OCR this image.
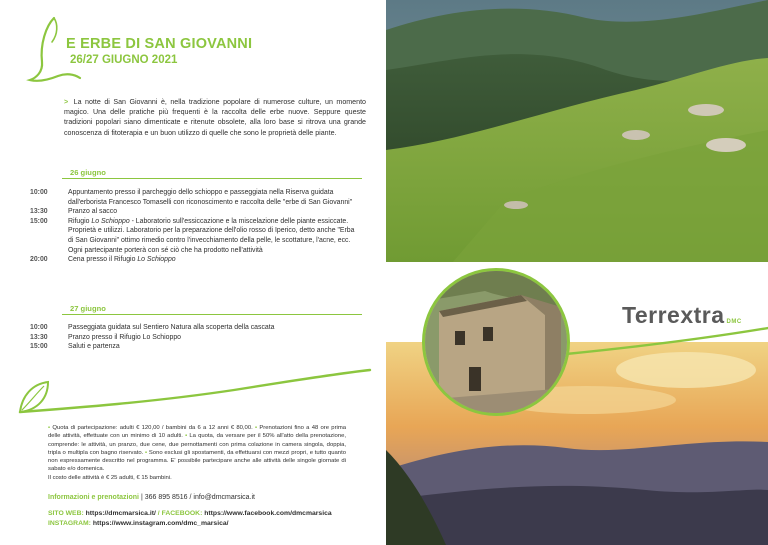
E ERBE DI SAN GIOVANNI
26/27 GIUGNO 2021
> La notte di San Giovanni è, nella tradizione popolare di numerose culture, un momento magico. Una delle pratiche più frequenti è la raccolta delle erbe nuove. Seppure queste tradizioni popolari siano dimenticate e ritenute obsolete, alla loro base si ritrova una grande conoscenza di fitoterapia e un buon utilizzo di quelle che sono le proprietà delle piante.
26 giugno
10:00	Appuntamento presso il parcheggio dello schioppo e passeggiata nella Riserva guidata dall'erborista Francesco Tomaselli con riconoscimento e raccolta delle "erbe di San Giovanni"
13:30	Pranzo al sacco
15:00	Rifugio Lo Schioppo - Laboratorio sull'essiccazione e la miscelazione delle piante essiccate. Proprietà e utilizzi. Laboratorio per la preparazione dell'olio rosso di Iperico, detto anche "Erba di San Giovanni" ottimo rimedio contro l'invecchiamento della pelle, le scottature, l'acne, ecc. Ogni partecipante porterà con sé ciò che ha prodotto nell'attività
20:00	Cena presso il Rifugio Lo Schioppo
27 giugno
10:00	Passeggiata guidata sul Sentiero Natura alla scoperta della cascata
13:30	Pranzo presso il Rifugio Lo Schioppo
15:00	Saluti e partenza
• Quota di partecipazione: adulti € 120,00 / bambini da 6 a 12 anni € 80,00. • Prenotazioni fino a 48 ore prima delle attività, effettuate con un minimo di 10 adulti. • La quota, da versare per il 50% all'atto della prenotazione, comprende: le attività, un pranzo, due cene, due pernottamenti con prima colazione in camera singola, doppia, tripla o multipla con bagno riservato. • Sono esclusi gli spostamenti, da effettuarsi con mezzi propri, e tutto quanto non espressamente descritto nel programma. E' possibile partecipare anche alle attività delle singole giornate di sabato e/o domenica.
Il costo delle attività è € 25 adulti, € 15 bambini.
Informazioni e prenotazioni | 366 895 8516 / info@dmcmarsica.it
SITO WEB: https://dmcmarsica.it/ / FACEBOOK: https://www.facebook.com/dmcmarsica
INSTAGRAM: https://www.instagram.com/dmc_marsica/
Terrextra DMC
